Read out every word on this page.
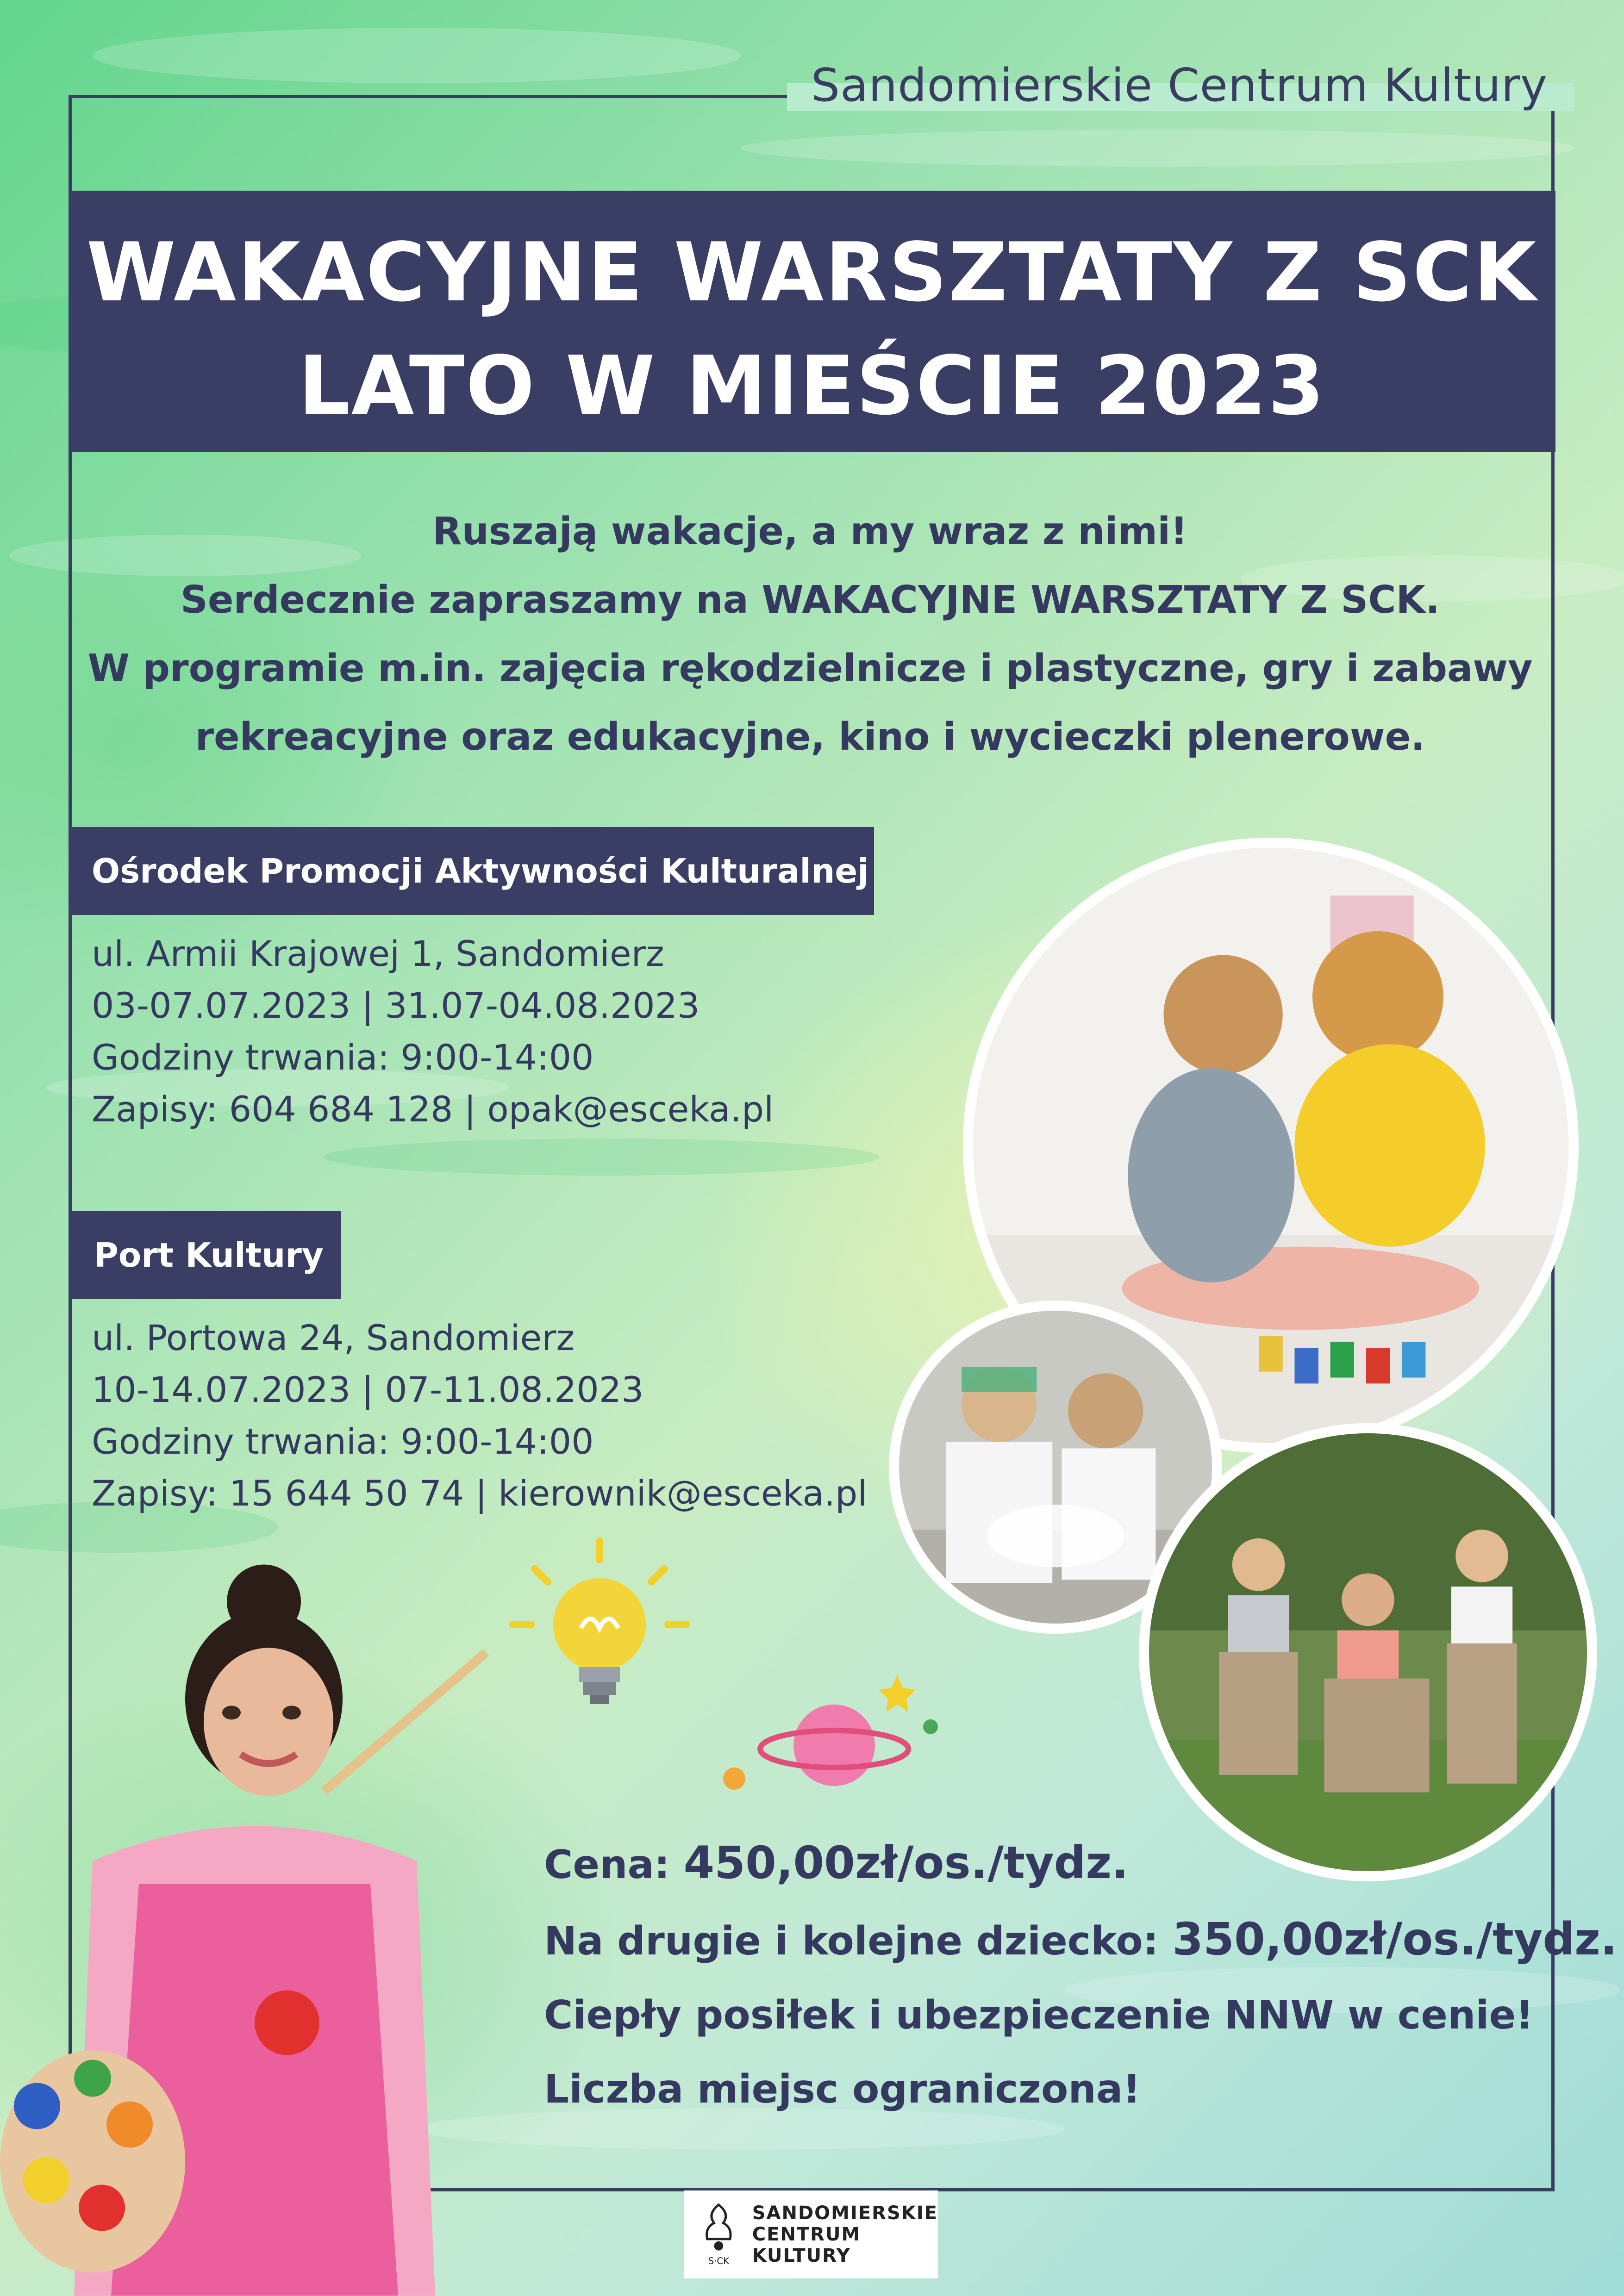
Sandomierskie Centrum Kultury
WAKACYJNE WARSZTATY Z SCK
LATO W MIEŚCIE 2023
Ruszają wakacje, a my wraz z nimi!
Serdecznie zapraszamy na WAKACYJNE WARSZTATY Z SCK.
W programie m.in. zajęcia rękodzielnicze i plastyczne, gry i zabawy
rekreacyjne oraz edukacyjne, kino i wycieczki plenerowe.
Ośrodek Promocji Aktywności Kulturalnej
ul. Armii Krajowej 1, Sandomierz
03-07.07.2023 | 31.07-04.08.2023
Godziny trwania: 9:00-14:00
Zapisy: 604 684 128 | opak@esceka.pl
Port Kultury
ul. Portowa 24, Sandomierz
10-14.07.2023 | 07-11.08.2023
Godziny trwania: 9:00-14:00
Zapisy: 15 644 50 74 | kierownik@esceka.pl
Cena: 450,00zł/os./tydz.
Na drugie i kolejne dziecko: 350,00zł/os./tydz.
Ciepły posiłek i ubezpieczenie NNW w cenie!
Liczba miejsc ograniczona!
S·CK
SANDOMIERSKIE
CENTRUM
KULTURY
